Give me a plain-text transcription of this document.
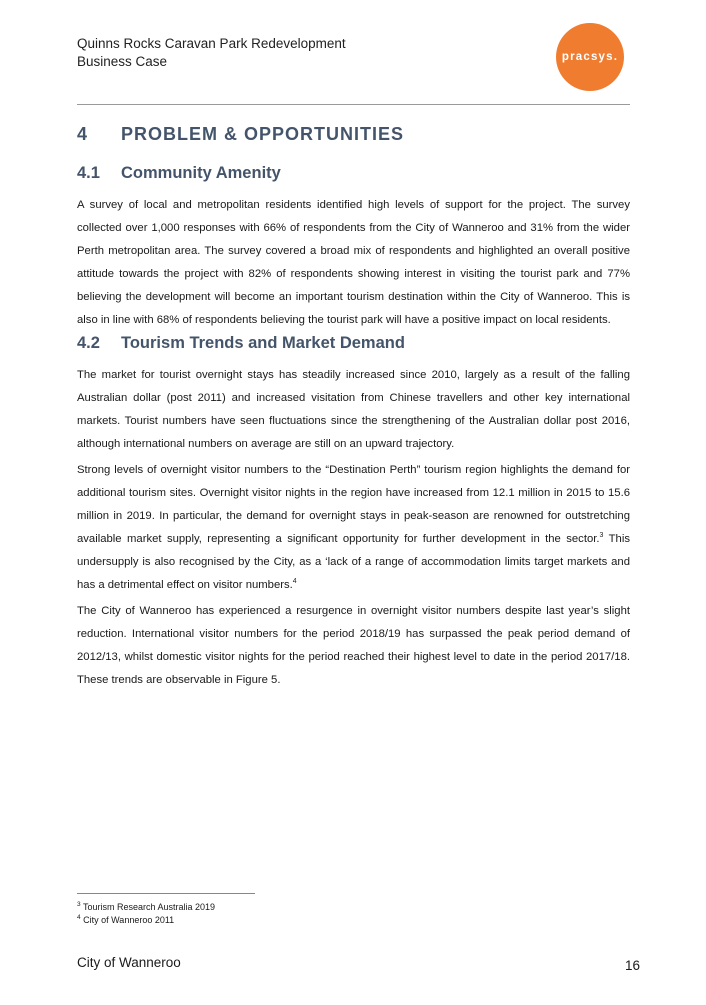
Quinns Rocks Caravan Park Redevelopment
Business Case	pracsys.
4 PROBLEM & OPPORTUNITIES
4.1 Community Amenity

A survey of local and metropolitan residents identified high levels of support for the project. The survey collected over 1,000 responses with 66% of respondents from the City of Wanneroo and 31% from the wider Perth metropolitan area. The survey covered a broad mix of respondents and highlighted an overall positive attitude towards the project with 82% of respondents showing interest in visiting the tourist park and 77% believing the development will become an important tourism destination within the City of Wanneroo. This is also in line with 68% of respondents believing the tourist park will have a positive impact on local residents.

4.2 Tourism Trends and Market Demand

The market for tourist overnight stays has steadily increased since 2010, largely as a result of the falling Australian dollar (post 2011) and increased visitation from Chinese travellers and other key international markets. Tourist numbers have seen fluctuations since the strengthening of the Australian dollar post 2016, although international numbers on average are still on an upward trajectory.

Strong levels of overnight visitor numbers to the “Destination Perth” tourism region highlights the demand for additional tourism sites. Overnight visitor nights in the region have increased from 12.1 million in 2015 to 15.6 million in 2019. In particular, the demand for overnight stays in peak-season are renowned for outstretching available market supply, representing a significant opportunity for further development in the sector.$^3$ This undersupply is also recognised by the City, as a ‘lack of a range of accommodation limits target markets and has a detrimental effect on visitor numbers.$^4$

The City of Wanneroo has experienced a resurgence in overnight visitor numbers despite last year’s slight reduction. International visitor numbers for the period 2018/19 has surpassed the peak period demand of 2012/13, whilst domestic visitor nights for the period reached their highest level to date in the period 2017/18. These trends are observable in Figure 5.

$^3$ Tourism Research Australia 2019
$^4$ City of Wanneroo 2011
City of Wanneroo	16
